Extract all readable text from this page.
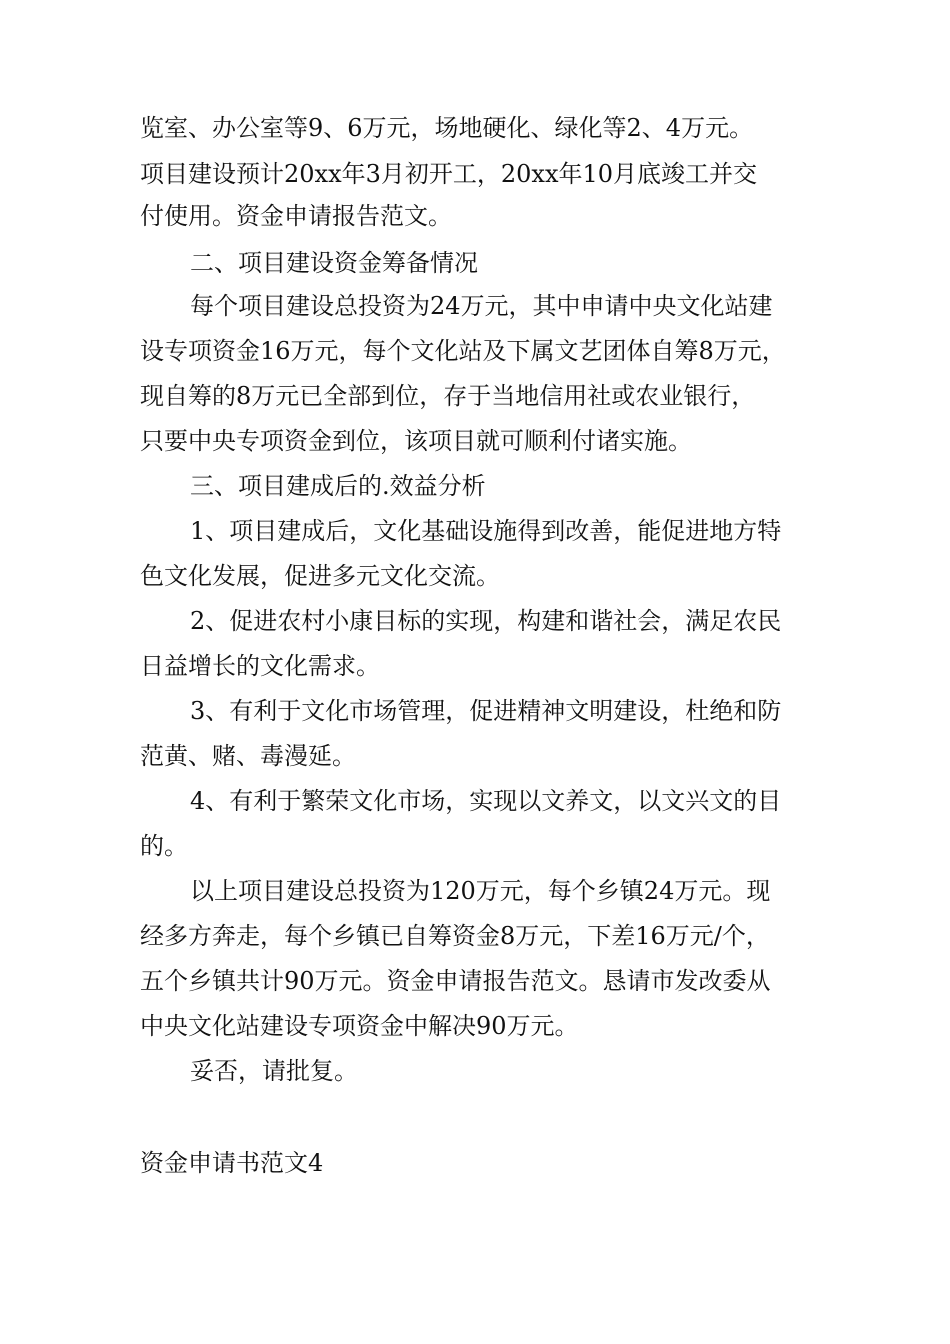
览室、办公室等9、6万元，场地硬化、绿化等2、4万元。
项目建设预计20xx年3月初开工，20xx年10月底竣工并交
付使用。资金申请报告范文。
二、项目建设资金筹备情况
每个项目建设总投资为24万元，其中申请中央文化站建
设专项资金16万元，每个文化站及下属文艺团体自筹8万元，
现自筹的8万元已全部到位，存于当地信用社或农业银行，
只要中央专项资金到位，该项目就可顺利付诸实施。
三、项目建成后的.效益分析
1、项目建成后，文化基础设施得到改善，能促进地方特
色文化发展，促进多元文化交流。
2、促进农村小康目标的实现，构建和谐社会，满足农民
日益增长的文化需求。
3、有利于文化市场管理，促进精神文明建设，杜绝和防
范黄、赌、毒漫延。
4、有利于繁荣文化市场，实现以文养文，以文兴文的目
的。
以上项目建设总投资为120万元，每个乡镇24万元。现
经多方奔走，每个乡镇已自筹资金8万元，下差16万元/个，
五个乡镇共计90万元。资金申请报告范文。恳请市发改委从
中央文化站建设专项资金中解决90万元。
妥否，请批复。
资金申请书范文4
